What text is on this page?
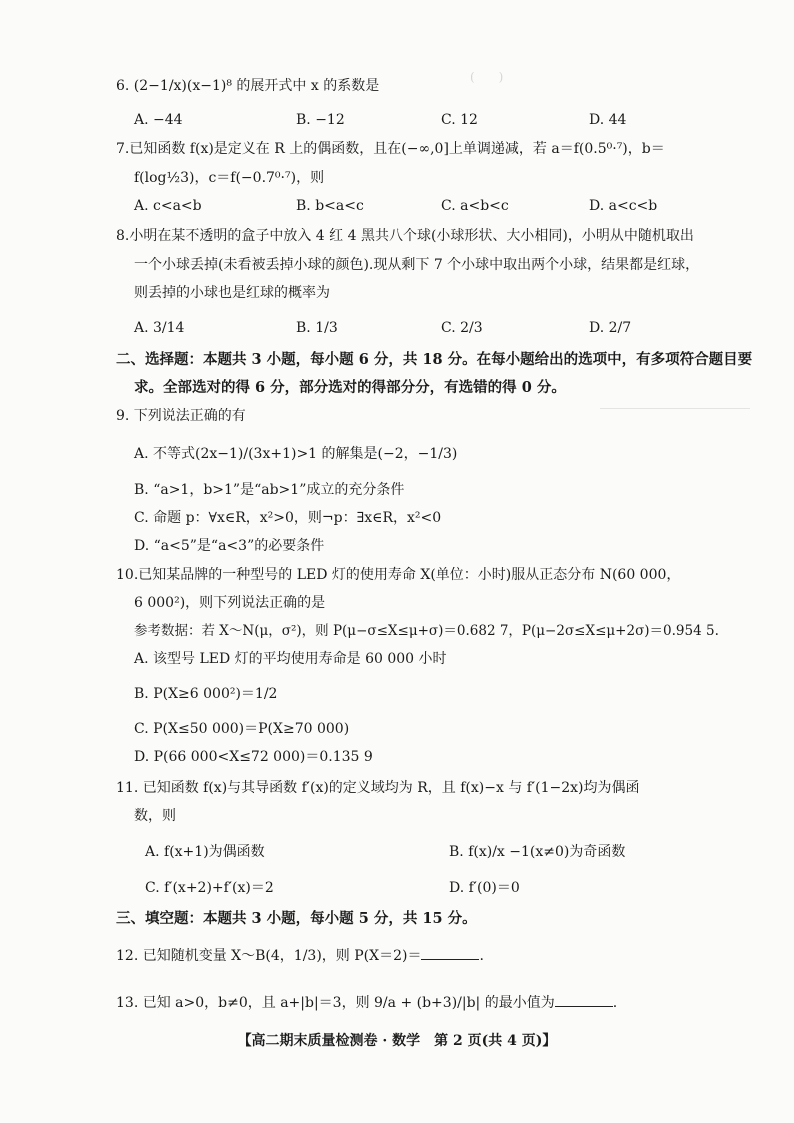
(　　)
6. (2−1/x)(x−1)⁸ 的展开式中 x 的系数是
A. −44	B. −12	C. 12	D. 44
7.已知函数 f(x)是定义在 R 上的偶函数，且在(−∞,0]上单调递减，若 a＝f(0.5⁰·⁷)，b＝
f(log½3)，c＝f(−0.7⁰·⁷)，则
A. c<a<b	B. b<a<c	C. a<b<c	D. a<c<b
8.小明在某不透明的盒子中放入 4 红 4 黑共八个球(小球形状、大小相同)，小明从中随机取出
一个小球丢掉(未看被丢掉小球的颜色).现从剩下 7 个小球中取出两个小球，结果都是红球，
则丢掉的小球也是红球的概率为
A. 3/14	B. 1/3	C. 2/3	D. 2/7
二、选择题：本题共 3 小题，每小题 6 分，共 18 分。在每小题给出的选项中，有多项符合题目要
求。全部选对的得 6 分，部分选对的得部分分，有选错的得 0 分。
9. 下列说法正确的有
A. 不等式(2x−1)/(3x+1)>1 的解集是(−2，−1/3)
B. “a>1，b>1”是“ab>1”成立的充分条件
C. 命题 p：∀x∈R，x²>0，则¬p：∃x∈R，x²<0
D. “a<5”是“a<3”的必要条件
10.已知某品牌的一种型号的 LED 灯的使用寿命 X(单位：小时)服从正态分布 N(60 000，
6 000²)，则下列说法正确的是
参考数据：若 X～N(μ，σ²)，则 P(μ−σ≤X≤μ+σ)＝0.682 7，P(μ−2σ≤X≤μ+2σ)＝0.954 5.
A. 该型号 LED 灯的平均使用寿命是 60 000 小时
B. P(X≥6 000²)＝1/2
C. P(X≤50 000)＝P(X≥70 000)
D. P(66 000<X≤72 000)＝0.135 9
11. 已知函数 f(x)与其导函数 f′(x)的定义域均为 R，且 f(x)−x 与 f′(1−2x)均为偶函
数，则
A. f(x+1)为偶函数	B. f(x)/x −1(x≠0)为奇函数
C. f′(x+2)+f′(x)＝2	D. f′(0)＝0
三、填空题：本题共 3 小题，每小题 5 分，共 15 分。
12. 已知随机变量 X～B(4，1/3)，则 P(X＝2)＝	.
13. 已知 a>0，b≠0，且 a+|b|＝3，则 9/a + (b+3)/|b| 的最小值为	.
【高二期末质量检测卷 · 数学　第 2 页(共 4 页)】
